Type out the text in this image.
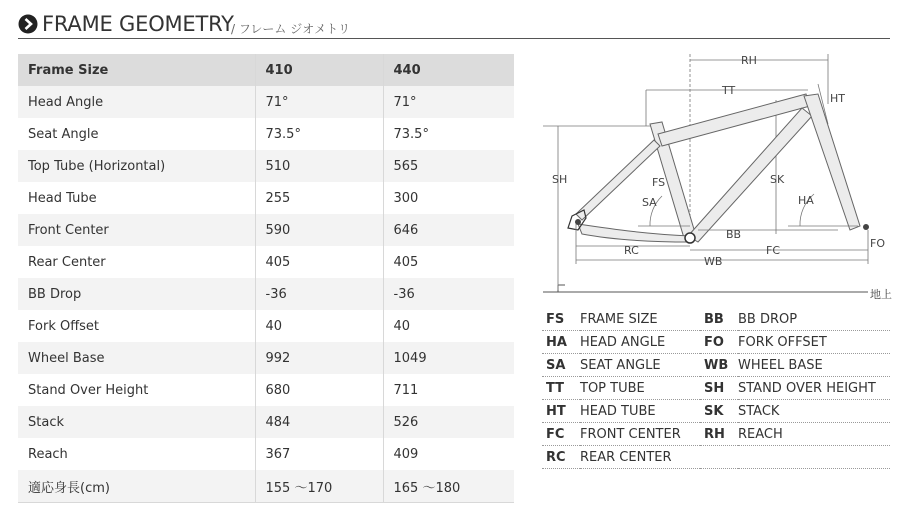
FRAME GEOMETRY
/ フレーム ジオメトリ
Frame Size	410	440
Head Angle	71°	71°
Seat Angle	73.5°	73.5°
Top Tube (Horizontal)	510	565
Head Tube	255	300
Front Center	590	646
Rear Center	405	405
BB Drop	-36	-36
Fork Offset	40	40
Wheel Base	992	1049
Stand Over Height	680	711
Stack	484	526
Reach	367	409
適応身長(cm)	155 ～170	165 ～180
RH
TT
HT
SH	FS
SA
SK
HA
BB
RC	FC
WB
FO
地上
FS	FRAME SIZE	BB	BB DROP
HA	HEAD ANGLE	FO	FORK OFFSET
SA	SEAT ANGLE	WB	WHEEL BASE
TT	TOP TUBE	SH	STAND OVER HEIGHT
HT	HEAD TUBE	SK	STACK
FC	FRONT CENTER	RH	REACH
RC	REAR CENTER		
